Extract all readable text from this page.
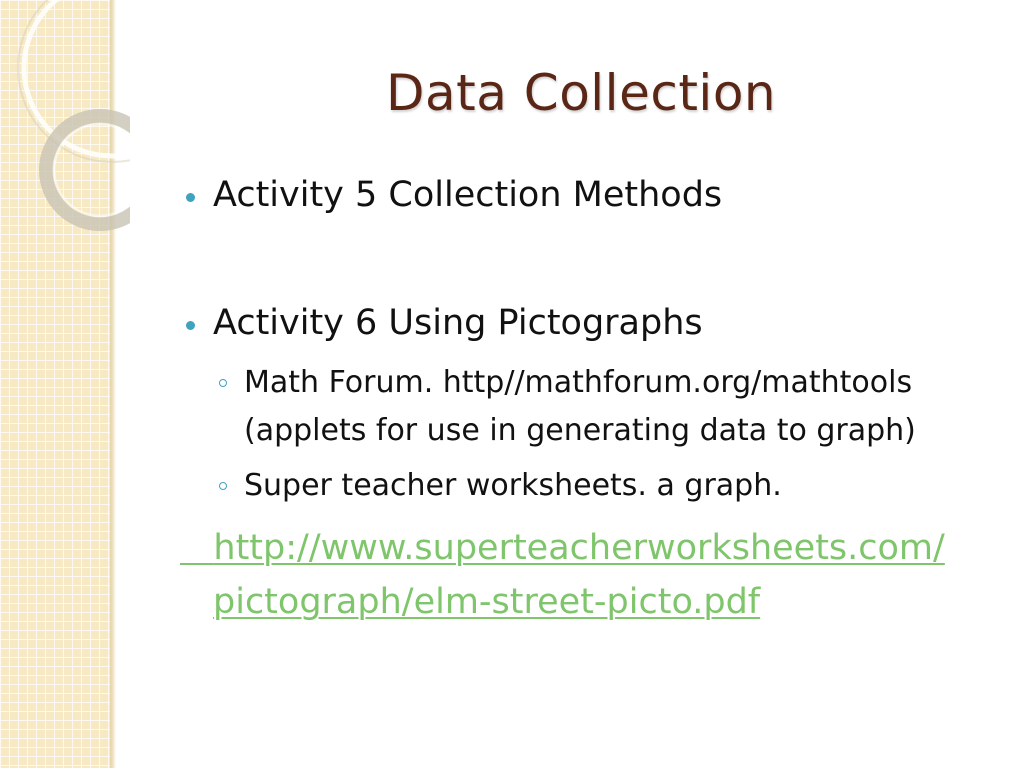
Data Collection
Activity 5 Collection Methods
Activity 6 Using Pictographs
Math Forum. http//mathforum.org/mathtools
(applets for use in generating data to graph)
Super teacher worksheets. a graph.
http://www.superteacherworksheets.com/
pictograph/elm-street-picto.pdf
